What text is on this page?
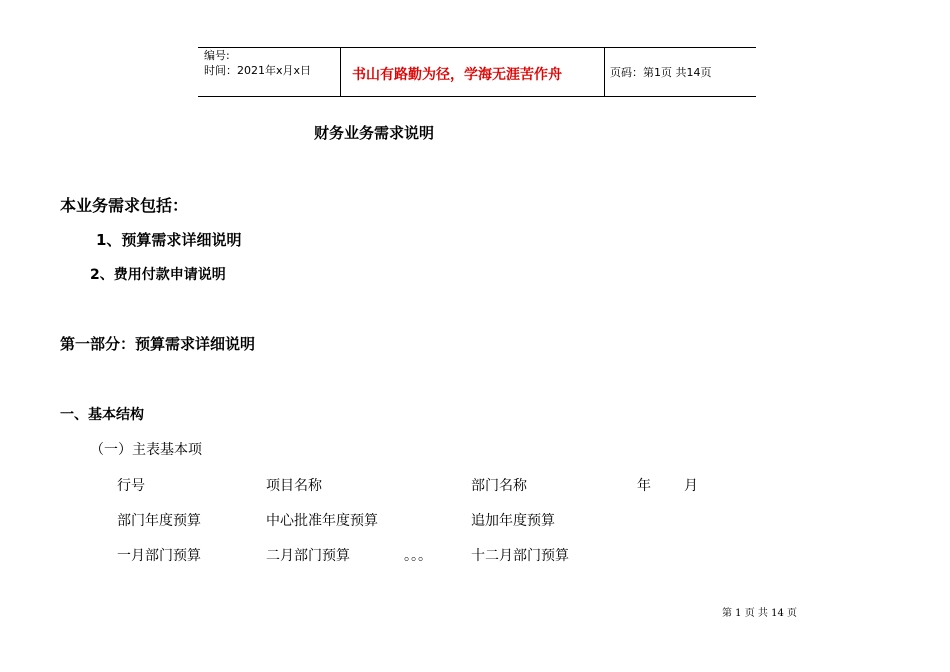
编号:
时间：2021年x月x日	书山有路勤为径，学海无涯苦作舟	页码：第1页 共14页
财务业务需求说明
本业务需求包括：
1、预算需求详细说明
2、费用付款申请说明
第一部分：预算需求详细说明
一、基本结构
（一）主表基本项
行号	项目名称	部门名称	年 月
部门年度预算	中心批准年度预算	追加年度预算
一月部门预算	二月部门预算	。。。	十二月部门预算
第 1 页 共 14 页
